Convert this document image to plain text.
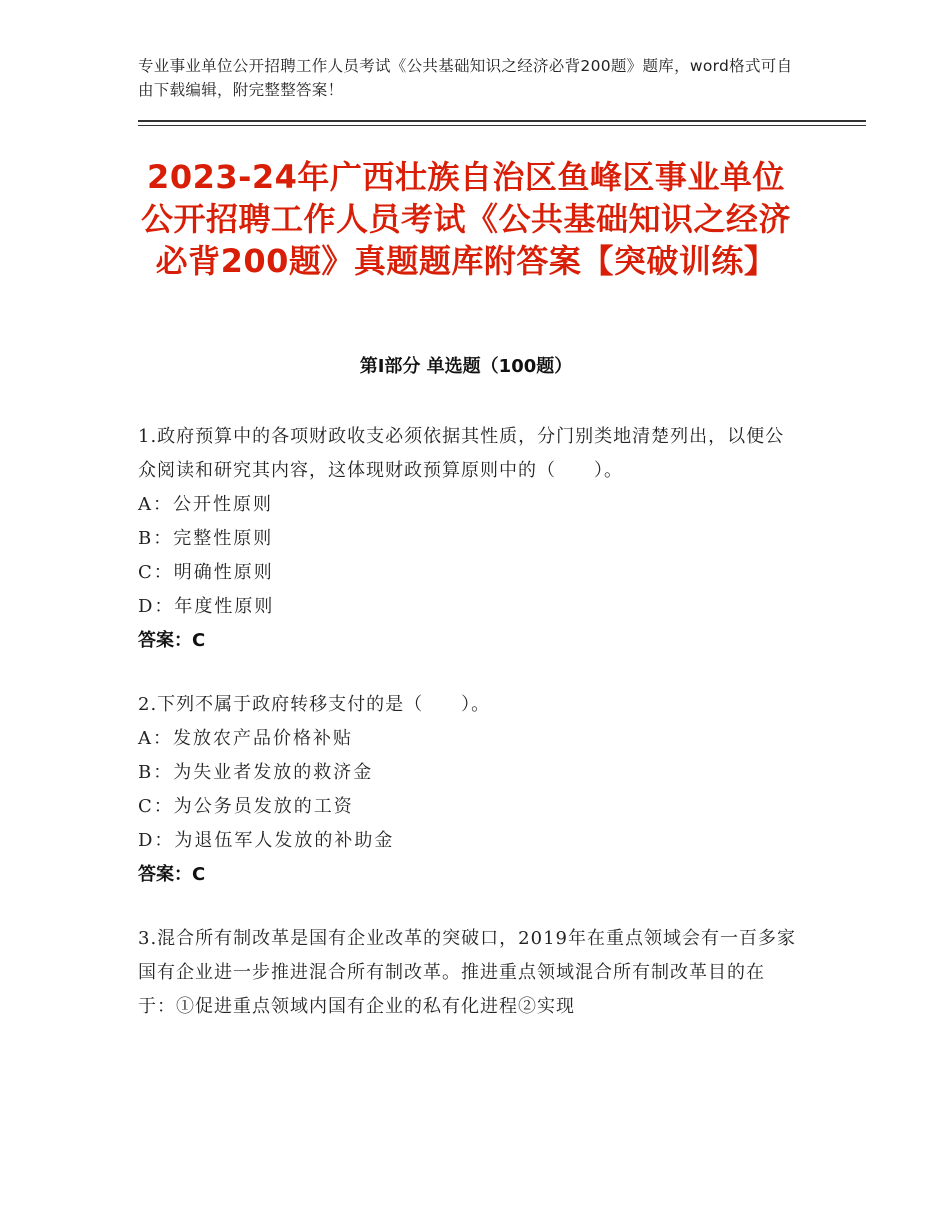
专业事业单位公开招聘工作人员考试《公共基础知识之经济必背200题》题库，word格式可自由下载编辑，附完整整答案！
2023-24年广西壮族自治区鱼峰区事业单位公开招聘工作人员考试《公共基础知识之经济必背200题》真题题库附答案【突破训练】
第Ⅰ部分 单选题（100题）

1.政府预算中的各项财政收支必须依据其性质，分门别类地清楚列出，以便公众阅读和研究其内容，这体现财政预算原则中的（　　）。

A：公开性原则

B：完整性原则

C：明确性原则

D：年度性原则

答案：C

2.下列不属于政府转移支付的是（　　）。

A：发放农产品价格补贴

B：为失业者发放的救济金

C：为公务员发放的工资

D：为退伍军人发放的补助金

答案：C

3.混合所有制改革是国有企业改革的突破口，2019年在重点领域会有一百多家国有企业进一步推进混合所有制改革。推进重点领域混合所有制改革目的在于：①促进重点领域内国有企业的私有化进程②实现
